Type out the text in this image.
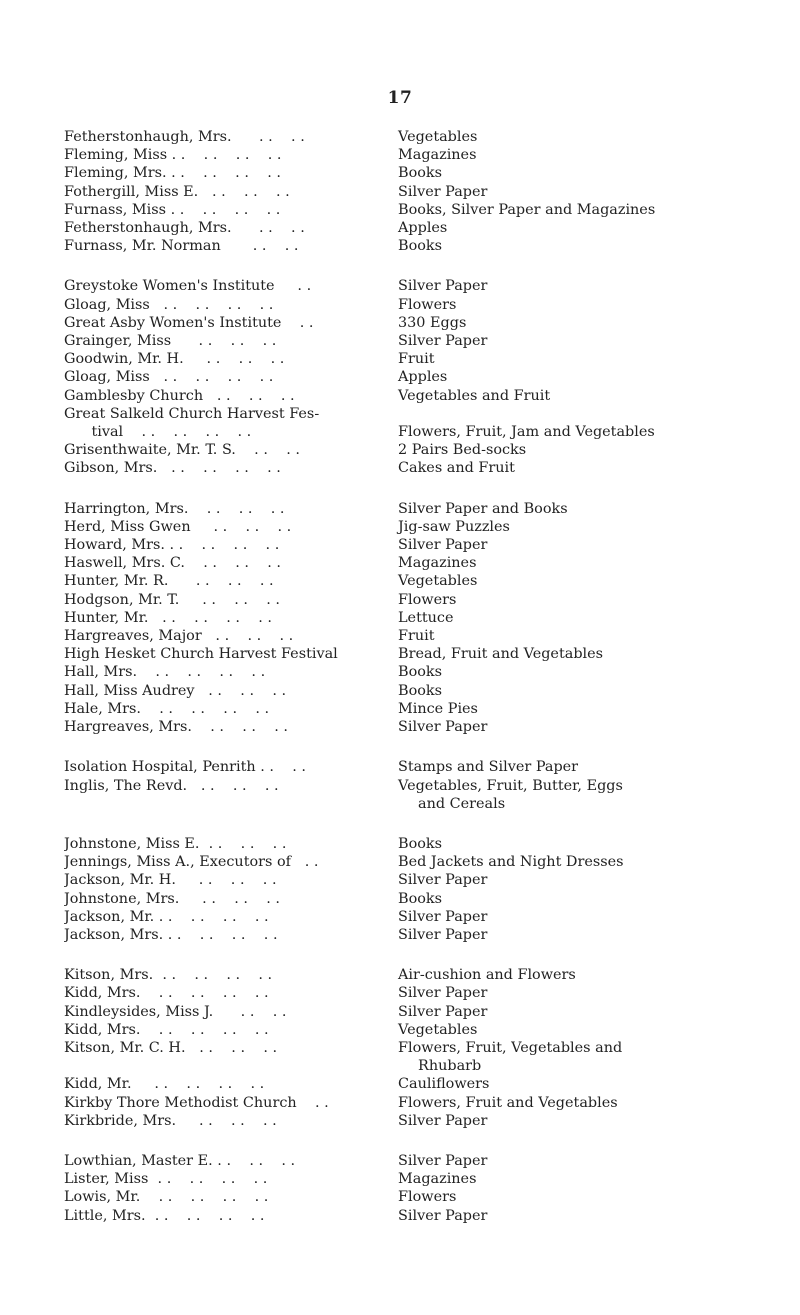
17
Fetherstonhaugh, Mrs.      . .    . .	Vegetables
Fleming, Miss . .    . .    . .    . .	Magazines
Fleming, Mrs. . .    . .    . .    . .	Books
Fothergill, Miss E.   . .    . .    . .	Silver Paper
Furnass, Miss . .    . .    . .    . .	Books, Silver Paper and Magazines
Fetherstonhaugh, Mrs.      . .    . .	Apples
Furnass, Mr. Norman       . .    . .	Books
Greystoke Women's Institute     . .	Silver Paper
Gloag, Miss   . .    . .    . .    . .	Flowers
Great Asby Women's Institute    . .	330 Eggs
Grainger, Miss      . .    . .    . .	Silver Paper
Goodwin, Mr. H.     . .    . .    . .	Fruit
Gloag, Miss   . .    . .    . .    . .	Apples
Gamblesby Church   . .    . .    . .	Vegetables and Fruit
Great Salkeld Church Harvest Fes-
tival    . .    . .    . .    . .	Flowers, Fruit, Jam and Vegetables
Grisenthwaite, Mr. T. S.    . .    . .	2 Pairs Bed-socks
Gibson, Mrs.   . .    . .    . .    . .	Cakes and Fruit
Harrington, Mrs.    . .    . .    . .	Silver Paper and Books
Herd, Miss Gwen     . .    . .    . .	Jig-saw Puzzles
Howard, Mrs. . .    . .    . .    . .	Silver Paper
Haswell, Mrs. C.    . .    . .    . .	Magazines
Hunter, Mr. R.      . .    . .    . .	Vegetables
Hodgson, Mr. T.     . .    . .    . .	Flowers
Hunter, Mr.   . .    . .    . .    . .	Lettuce
Hargreaves, Major   . .    . .    . .	Fruit
High Hesket Church Harvest Festival	Bread, Fruit and Vegetables
Hall, Mrs.    . .    . .    . .    . .	Books
Hall, Miss Audrey   . .    . .    . .	Books
Hale, Mrs.    . .    . .    . .    . .	Mince Pies
Hargreaves, Mrs.    . .    . .    . .	Silver Paper
Isolation Hospital, Penrith . .    . .	Stamps and Silver Paper
Inglis, The Revd.   . .    . .    . .	Vegetables, Fruit, Butter, Eggs
and Cereals
Johnstone, Miss E.  . .    . .    . .	Books
Jennings, Miss A., Executors of   . .	Bed Jackets and Night Dresses
Jackson, Mr. H.     . .    . .    . .	Silver Paper
Johnstone, Mrs.     . .    . .    . .	Books
Jackson, Mr. . .    . .    . .    . .	Silver Paper
Jackson, Mrs. . .    . .    . .    . .	Silver Paper
Kitson, Mrs.  . .    . .    . .    . .	Air-cushion and Flowers
Kidd, Mrs.    . .    . .    . .    . .	Silver Paper
Kindleysides, Miss J.      . .    . .	Silver Paper
Kidd, Mrs.    . .    . .    . .    . .	Vegetables
Kitson, Mr. C. H.   . .    . .    . .	Flowers, Fruit, Vegetables and
Rhubarb
Kidd, Mr.     . .    . .    . .    . .	Cauliflowers
Kirkby Thore Methodist Church    . .	Flowers, Fruit and Vegetables
Kirkbride, Mrs.     . .    . .    . .	Silver Paper
Lowthian, Master E. . .    . .    . .	Silver Paper
Lister, Miss  . .    . .    . .    . .	Magazines
Lowis, Mr.    . .    . .    . .    . .	Flowers
Little, Mrs.  . .    . .    . .    . .	Silver Paper
